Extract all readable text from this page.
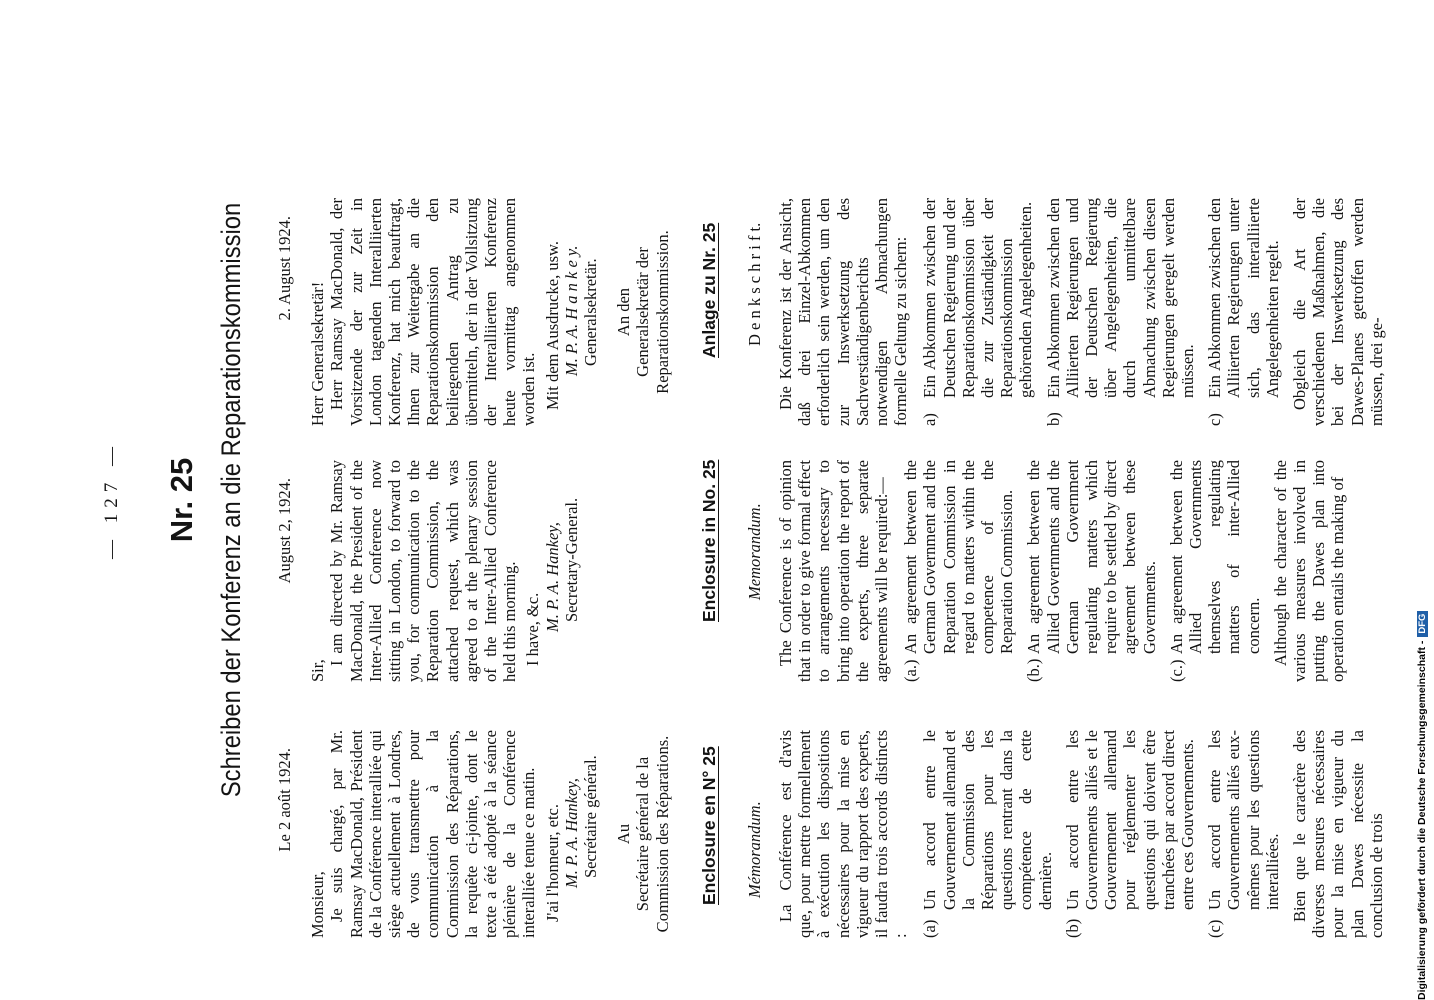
— 127 — Nr. 25 Schreiben der Konferenz an die Reparationskommission
Le 2 août 1924.
Monsieur, Je suis chargé, par Mr. Ramsay MacDonald, Président de la Conférence interalliée qui siège actuellement à Londres, de vous transmettre pour communication à la Commission des Réparations, la requête ci-jointe, dont le texte a été adopté à la séance plénière de la Conférence interalliée tenue ce matin. J'ai l'honneur, etc. M. P. A. Hankey, Secrétaire général. Au Secrétaire général de la Commission des Réparations.
August 2, 1924.
Sir,

I am directed by Mr. Ramsay MacDonald, the President of the Inter-Allied Conference now sitting in London, to forward to you, for communication to the Reparation Commission, the attached request, which was agreed to at the plenary session of the Inter-Allied Conference held this morning. I have, &c. M. P. A. Hankey, Secretary-General.
2. August 1924.
Herr Generalsekretär! Herr Ramsay MacDonald, der Vorsitzende der zur Zeit in London tagenden Interalliierten Konferenz, hat mich beauftragt, Ihnen zur Weitergabe an die Reparationskommission den beiliegenden Antrag zu übermitteln, der in der Vollsitzung der Interalliierten Konferenz heute vormittag angenommen worden ist. Mit dem Ausdrucke, usw. M. P. A. H a n k e y. Generalsekretär. An den Generalsekretär der Reparationskommission.
Enclosure en N° 25
Enclosure in No. 25
Anlage zu Nr. 25
Mémorandum.
Memorandum.
D e n k s c h r i f t.

La Conférence est d'avis que, pour mettre formellement à exécution les dispositions nécessaires pour la mise en vigueur du rapport des experts, il faudra trois accords distincts : (a)Un accord entre le Gouvernement allemand et la Commission des Réparations pour les questions rentrant dans la compétence de cette dernière.
(b)Un accord entre les Gouvernements alliés et le Gouvernement allemand pour réglementer les questions qui doivent être tranchées par accord direct entre ces Gouvernements.
(c)Un accord entre les Gouvernements alliés eux-mêmes pour les questions interalliées. Bien que le caractère des diverses mesures nécessaires pour la mise en vigueur du plan Dawes nécessite la conclusion de trois

The Conference is of opinion that in order to give formal effect to arrangements necessary to bring into operation the report of the experts, three separate agreements will be required:— (a.)An agreement between the German Government and the Reparation Commission in regard to matters within the competence of the Reparation Commission.
(b.)An agreement between the Allied Governments and the German Government regulating matters which require to be settled by direct agreement between these Governments.
(c.)An agreement between the Allied Governments themselves regulating matters of inter-Allied concern. Although the character of the various measures involved in putting the Dawes plan into operation entails the making of

Die Konferenz ist der Ansicht, daß drei Einzel-Abkommen erforderlich sein werden, um den zur Inswerksetzung des Sachverständigenberichts notwendigen Abmachungen formelle Geltung zu sichern: a)Ein Abkommen zwischen der Deutschen Regierung und der Reparationskommission über die zur Zuständigkeit der Reparationskommission gehörenden Angelegenheiten.
b)Ein Abkommen zwischen den Alliierten Regierungen und der Deutschen Regierung über Angelegenheiten, die durch unmittelbare Abmachung zwischen diesen Regierungen geregelt werden müssen.
c)Ein Abkommen zwischen den Alliierten Regierungen unter sich, das interalliierte Angelegenheiten regelt. Obgleich die Art der verschiedenen Maßnahmen, die bei der Inswerksetzung des Dawes-Planes getroffen werden müssen, drei ge-

Digitalisierung gefördert durch die Deutsche Forschungsgemeinschaft -DFG
